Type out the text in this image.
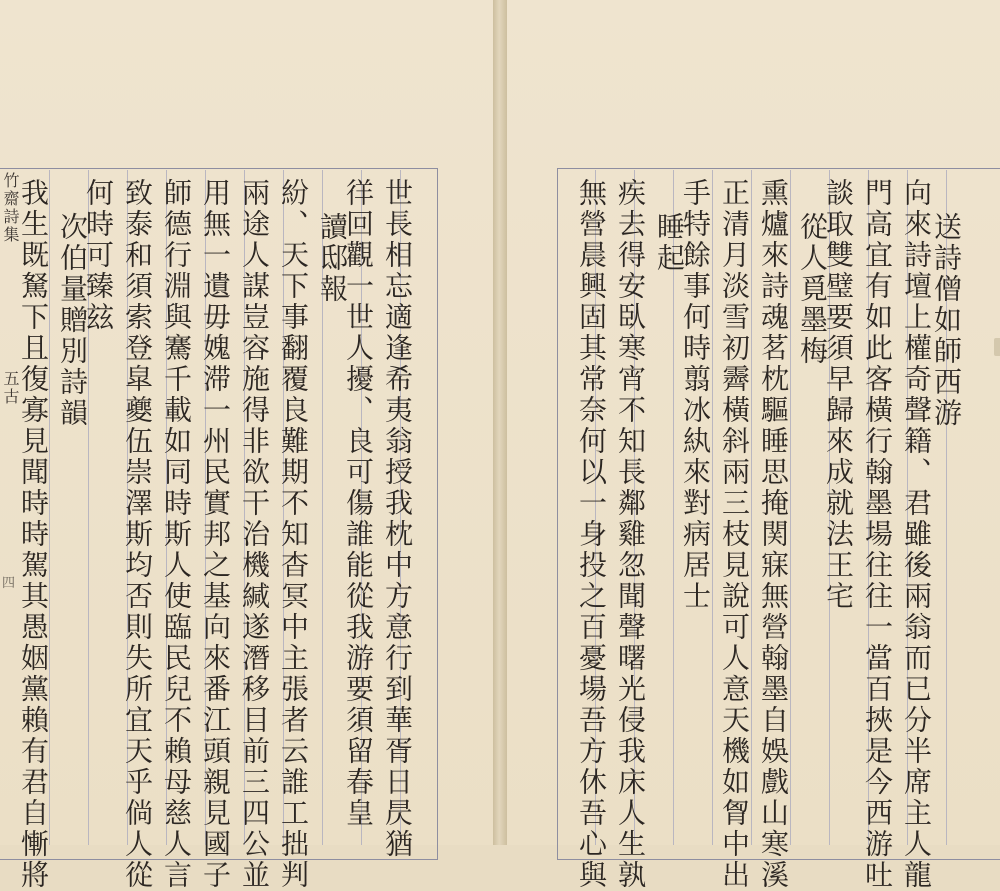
竹齋詩集
五古
四	世長相忘適逢希夷翁授我枕中方意行到華胥日昃猶
徉回觀一世人擾、良可傷誰能從我游要須留春皇
讀邸報
紛、天下事翻覆良難期不知杳冥中主張者云誰工拙判
兩途人謀豈容施得非欲干治機緘遂潛移目前三四公並
用無一遺毋媿滞一州民實邦之基向來番江頭親見國子
師德行淵與騫千載如同時斯人使臨民兒不賴母慈人言
致泰和須索登皐夔伍崇澤斯均否則失所宜天乎倘人從
何時可臻玆
次伯量贈別詩韻
我生既駑下且復寡見聞時時駕其愚姻黨賴有君自慚將	送詩僧如師西游
向來詩壇上權奇聲籍、君雖後兩翁而已分半席主人龍
門高宜有如此客橫行翰墨場往往一當百挾是今西游吐
談取雙璧要須早歸來成就法王宅
從人覓墨梅
熏爐來詩魂茗枕驅睡思掩関寐無營翰墨自娛戲山寒溪
正清月淡雪初霽橫斜兩三枝見說可人意天機如胷中出
手特餘事何時翦冰紈來對病居士
睡起
疾去得安臥寒宵不知長鄰雞忽聞聲曙光侵我床人生孰
無營晨興固其常奈何以一身投之百憂場吾方休吾心與
